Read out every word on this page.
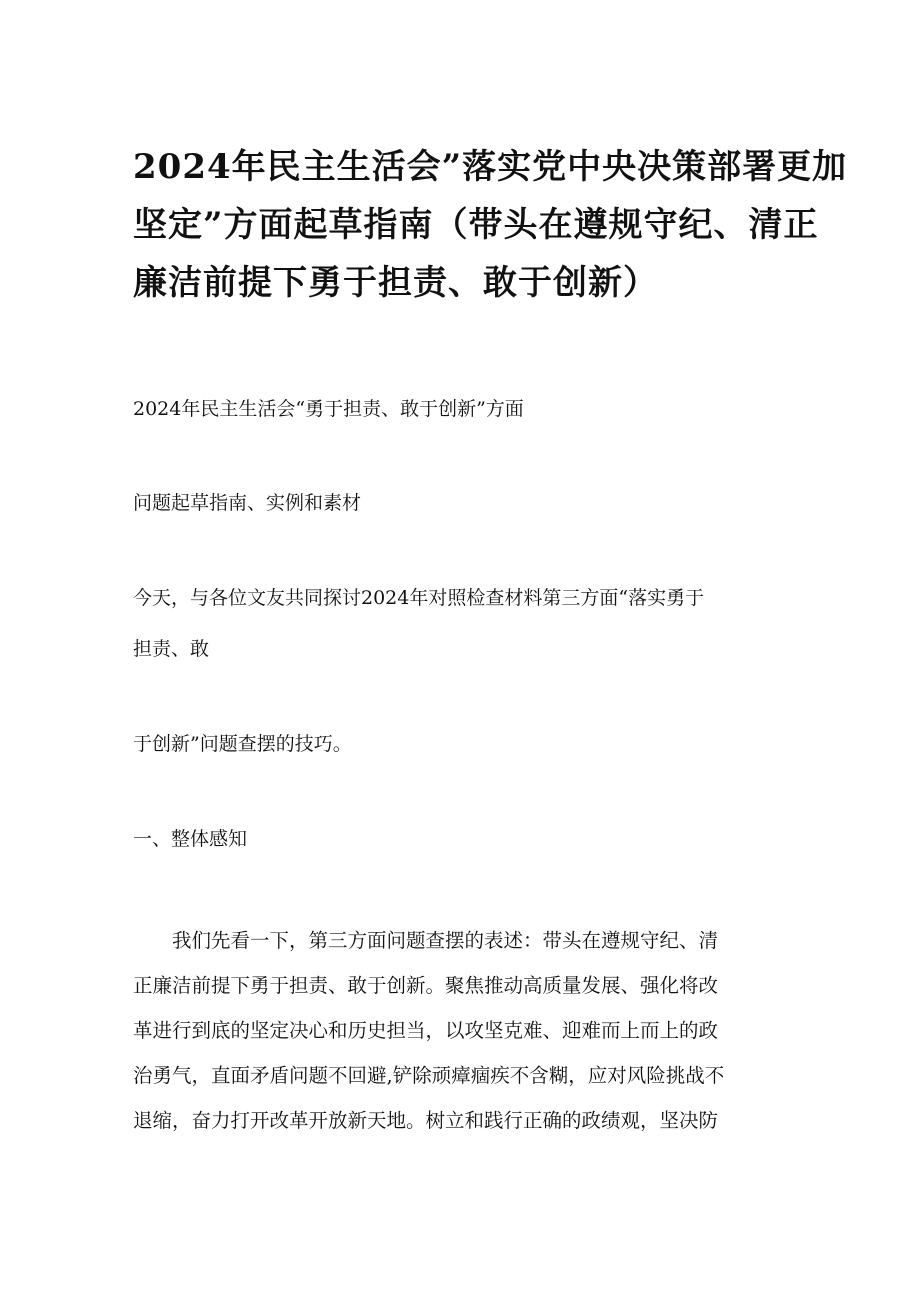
2024年民主生活会”落实党中央决策部署更加
坚定”方面起草指南（带头在遵规守纪、清正
廉洁前提下勇于担责、敢于创新）

2024年民主生活会“勇于担责、敢于创新”方面

问题起草指南、实例和素材

今天，与各位文友共同探讨2024年对照检查材料第三方面“落实勇于

担责、敢

于创新”问题查摆的技巧。

一、整体感知

　　我们先看一下，第三方面问题查摆的表述：带头在遵规守纪、清
正廉洁前提下勇于担责、敢于创新。聚焦推动高质量发展、强化将改
革进行到底的坚定决心和历史担当，以攻坚克难、迎难而上而上的政
治勇气，直面矛盾问题不回避,铲除顽瘴痼疾不含糊，应对风险挑战不
退缩，奋力打开改革开放新天地。树立和践行正确的政绩观，坚决防
